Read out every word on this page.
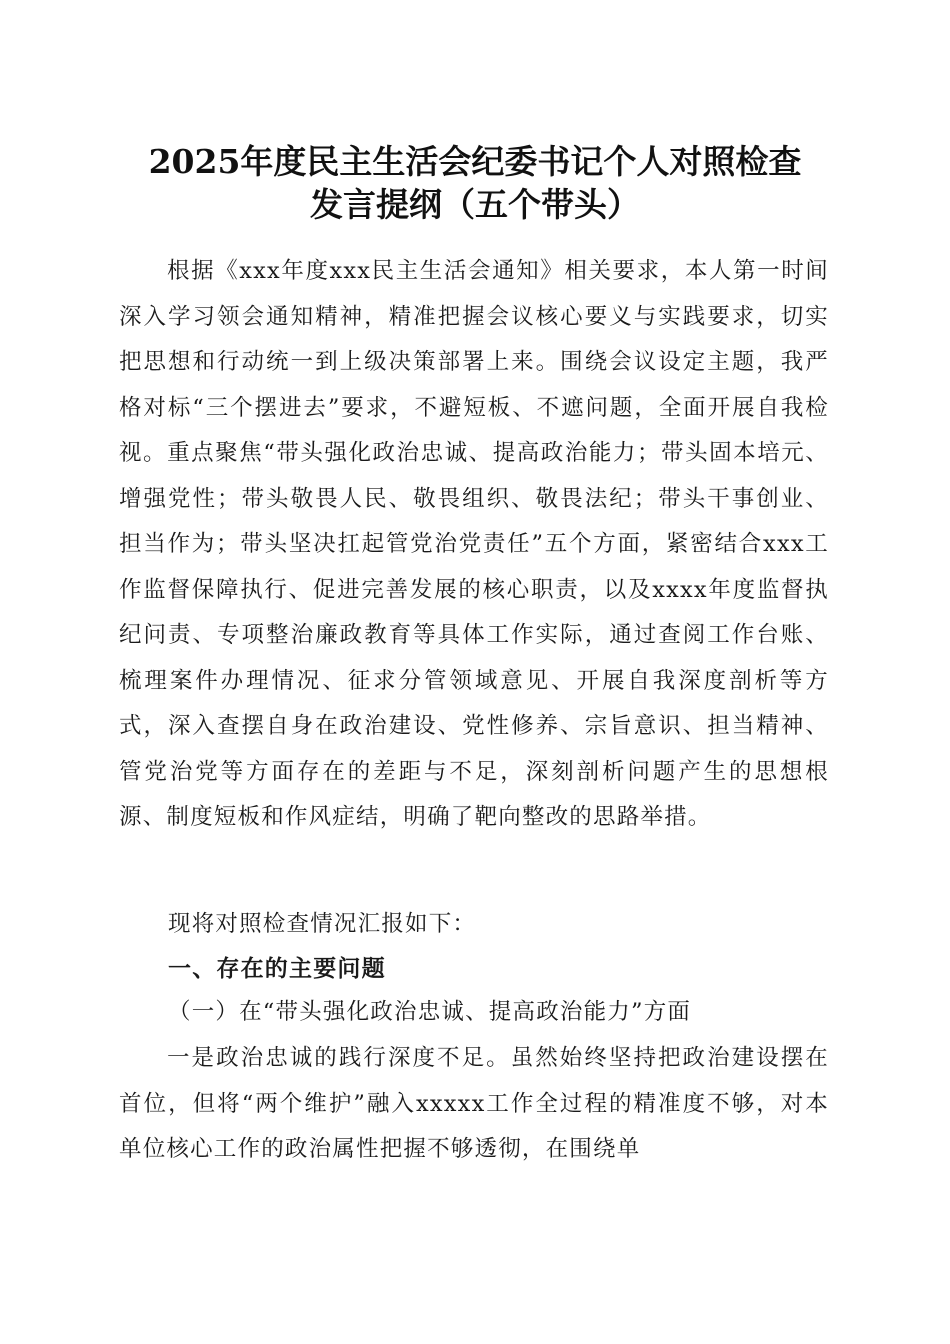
2025年度民主生活会纪委书记个人对照检查
发言提纲（五个带头）
根据《xxx年度xxx民主生活会通知》相关要求，本人第一时间深入学习领会通知精神，精准把握会议核心要义与实践要求，切实把思想和行动统一到上级决策部署上来。围绕会议设定主题，我严格对标“三个摆进去”要求，不避短板、不遮问题，全面开展自我检视。重点聚焦“带头强化政治忠诚、提高政治能力；带头固本培元、增强党性；带头敬畏人民、敬畏组织、敬畏法纪；带头干事创业、担当作为；带头坚决扛起管党治党责任”五个方面，紧密结合xxx工作监督保障执行、促进完善发展的核心职责，以及xxxx年度监督执纪问责、专项整治廉政教育等具体工作实际，通过查阅工作台账、梳理案件办理情况、征求分管领域意见、开展自我深度剖析等方式，深入查摆自身在政治建设、党性修养、宗旨意识、担当精神、管党治党等方面存在的差距与不足，深刻剖析问题产生的思想根源、制度短板和作风症结，明确了靶向整改的思路举措。
现将对照检查情况汇报如下：
一、存在的主要问题
（一）在“带头强化政治忠诚、提高政治能力”方面
一是政治忠诚的践行深度不足。虽然始终坚持把政治建设摆在首位，但将“两个维护”融入xxxxx工作全过程的精准度不够，对本单位核心工作的政治属性把握不够透彻，在围绕单
